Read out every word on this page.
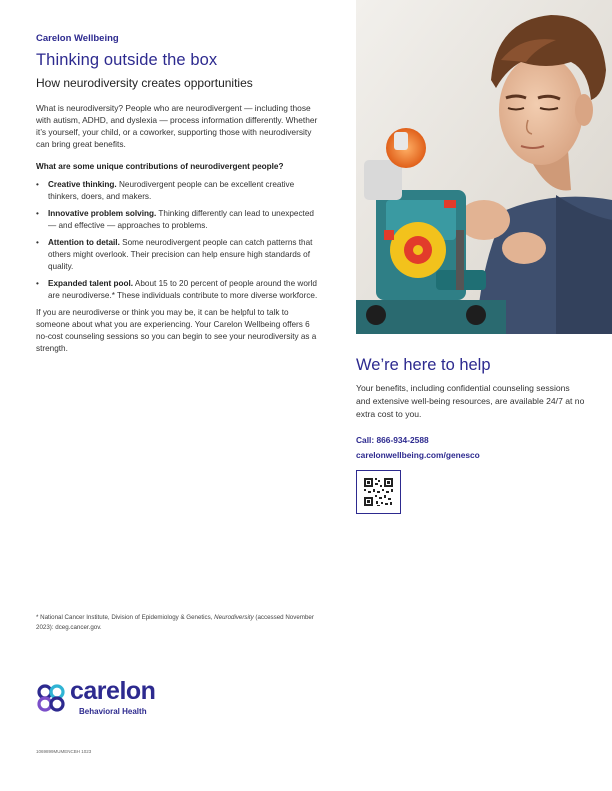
Carelon Wellbeing
Thinking outside the box
How neurodiversity creates opportunities

What is neurodiversity? People who are neurodivergent — including those with autism, ADHD, and dyslexia — process information differently. Whether it’s yourself, your child, or a coworker, supporting those with neurodiversity can bring great benefits.

What are some unique contributions of neurodivergent people?

• Creative thinking. Neurodivergent people can be excellent creative thinkers, doers, and makers.
• Innovative problem solving. Thinking differently can lead to unexpected — and effective — approaches to problems.
• Attention to detail. Some neurodivergent people can catch patterns that others might overlook. Their precision can help ensure high standards of quality.
• Expanded talent pool. About 15 to 20 percent of people around the world are neurodiverse.* These individuals contribute to more diverse workforce.

If you are neurodiverse or think you may be, it can be helpful to talk to someone about what you are experiencing. Your Carelon Wellbeing offers 6 no-cost counseling sessions so you can begin to see your neurodiversity as a strength.

* National Cancer Institute, Division of Epidemiology & Genetics, Neurodiversity (accessed November 2023): dceg.cancer.gov.

carelon
Behavioral Health
1069899MUMENCBH 1023
We’re here to help

Your benefits, including confidential counseling sessions and extensive well-being resources, are available 24/7 at no extra cost to you.

Call: 866-934-2588
carelonwellbeing.com/genesco
